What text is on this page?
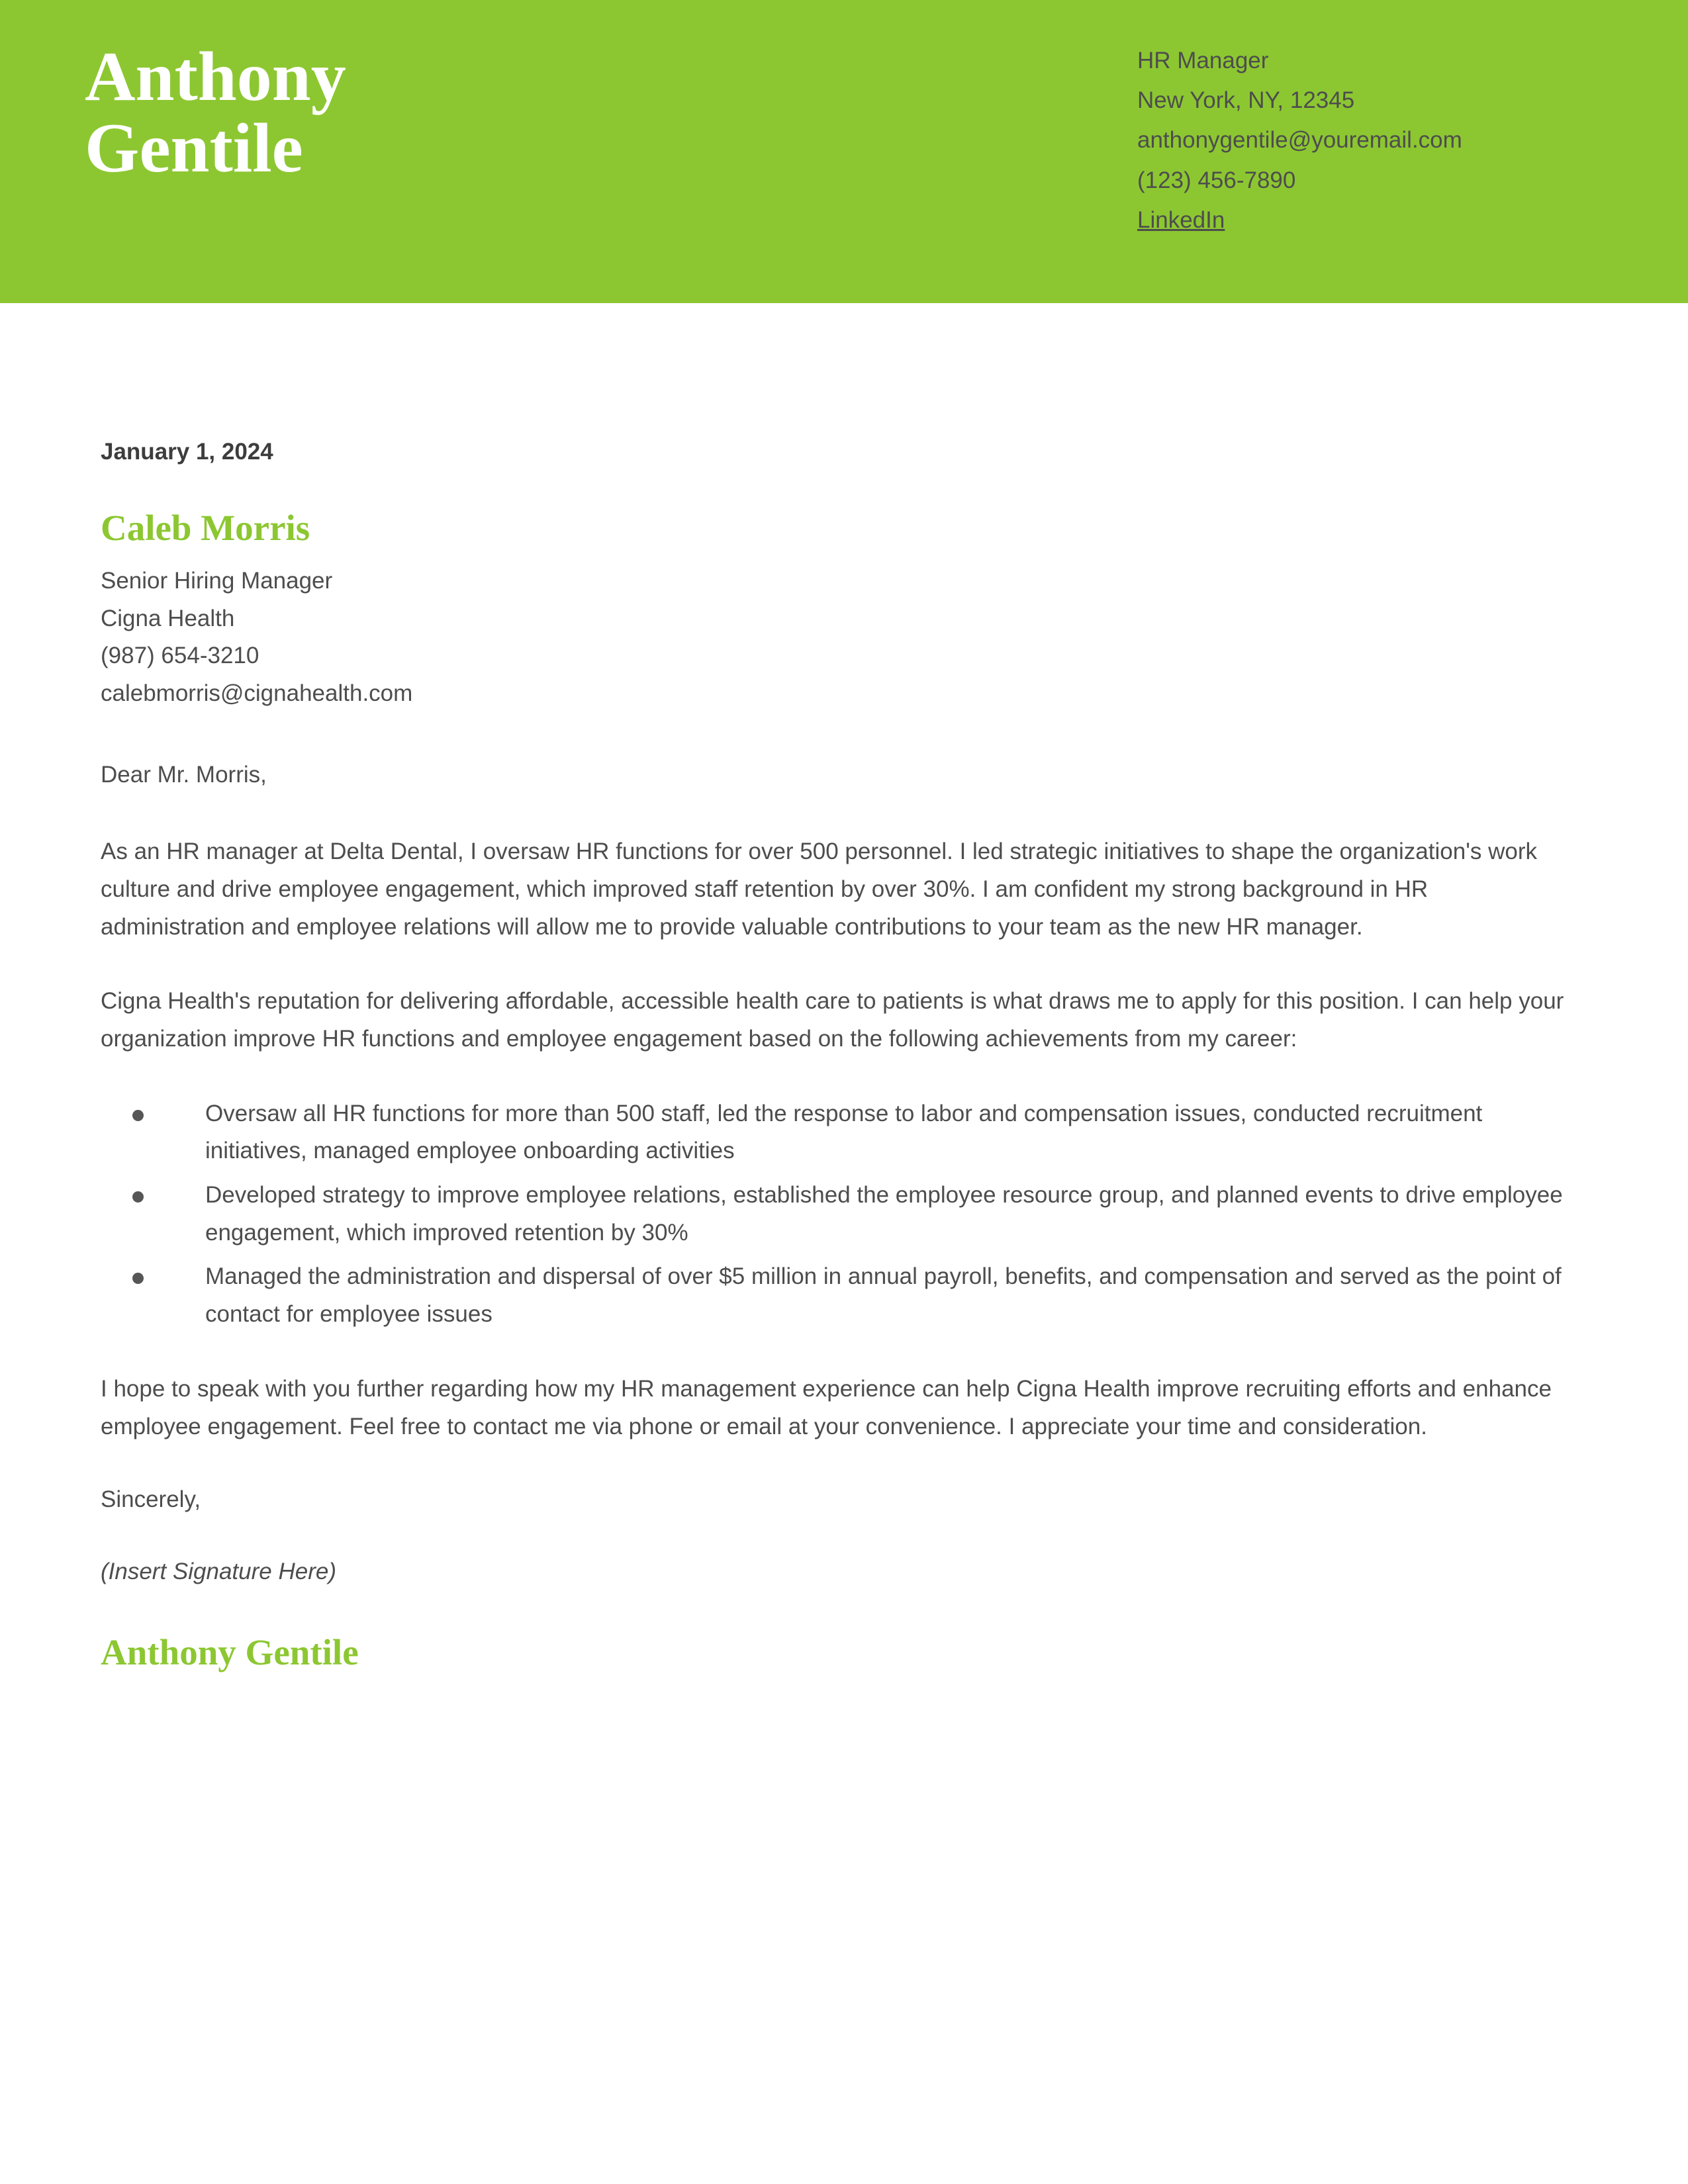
Anthony
Gentile
HR Manager
New York, NY, 12345
anthonygentile@youremail.com
(123) 456-7890
LinkedIn
January 1, 2024
Caleb Morris
Senior Hiring Manager
Cigna Health
(987) 654-3210
calebmorris@cignahealth.com
Dear Mr. Morris,

As an HR manager at Delta Dental, I oversaw HR functions for over 500 personnel. I led strategic initiatives to shape the organization's work culture and drive employee engagement, which improved staff retention by over 30%. I am confident my strong background in HR administration and employee relations will allow me to provide valuable contributions to your team as the new HR manager.

Cigna Health's reputation for delivering affordable, accessible health care to patients is what draws me to apply for this position. I can help your organization improve HR functions and employee engagement based on the following achievements from my career:

Oversaw all HR functions for more than 500 staff, led the response to labor and compensation issues, conducted recruitment initiatives, managed employee onboarding activities
Developed strategy to improve employee relations, established the employee resource group, and planned events to drive employee engagement, which improved retention by 30%
Managed the administration and dispersal of over $5 million in annual payroll, benefits, and compensation and served as the point of contact for employee issues

I hope to speak with you further regarding how my HR management experience can help Cigna Health improve recruiting efforts and enhance employee engagement. Feel free to contact me via phone or email at your convenience. I appreciate your time and consideration.

Sincerely,
(Insert Signature Here)
Anthony Gentile
